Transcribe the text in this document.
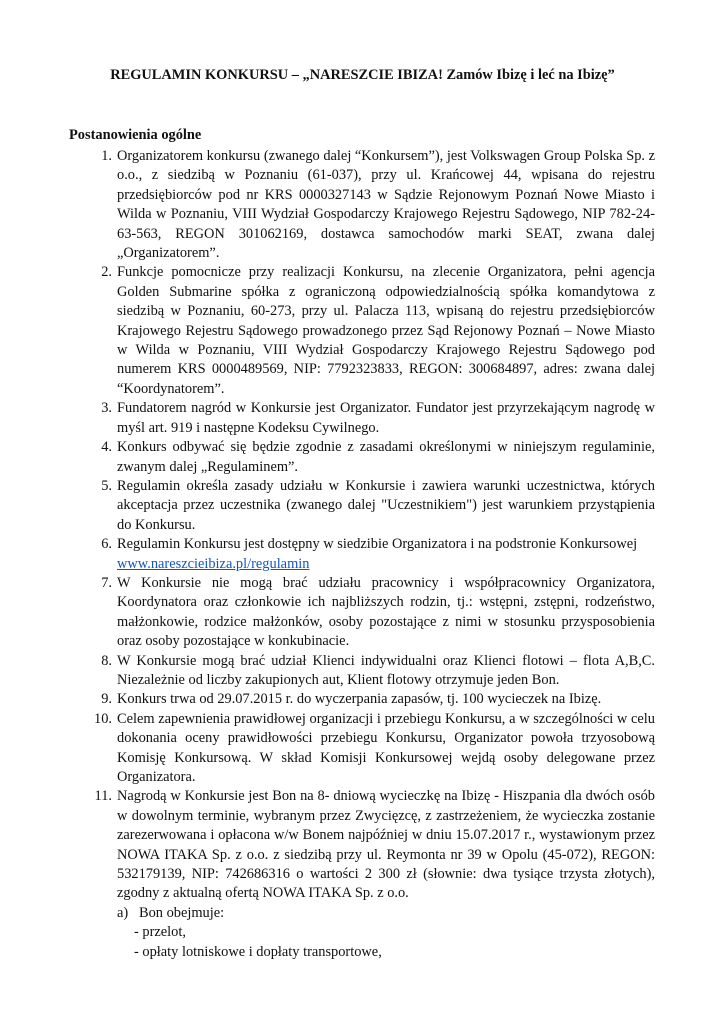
REGULAMIN KONKURSU – „NARESZCIE IBIZA! Zamów Ibizę i leć na Ibizę”

Postanowienia ogólne

1. Organizatorem konkursu (zwanego dalej “Konkursem”), jest Volkswagen Group Polska Sp. z o.o., z siedzibą w Poznaniu (61-037), przy ul. Krańcowej 44, wpisana do rejestru przedsiębiorców pod nr KRS 0000327143 w Sądzie Rejonowym Poznań Nowe Miasto i Wilda w Poznaniu, VIII Wydział Gospodarczy Krajowego Rejestru Sądowego, NIP 782-24-63-563, REGON 301062169, dostawca samochodów marki SEAT, zwana dalej „Organizatorem”.
2. Funkcje pomocnicze przy realizacji Konkursu, na zlecenie Organizatora, pełni agencja Golden Submarine spółka z ograniczoną odpowiedzialnością spółka komandytowa z siedzibą w Poznaniu, 60-273, przy ul. Palacza 113, wpisaną do rejestru przedsiębiorców Krajowego Rejestru Sądowego prowadzonego przez Sąd Rejonowy Poznań – Nowe Miasto w Wilda w Poznaniu, VIII Wydział Gospodarczy Krajowego Rejestru Sądowego pod numerem KRS 0000489569, NIP: 7792323833, REGON: 300684897, adres: zwana dalej “Koordynatorem”.
3. Fundatorem nagród w Konkursie jest Organizator. Fundator jest przyrzekającym nagrodę w myśl art. 919 i następne Kodeksu Cywilnego.
4. Konkurs odbywać się będzie zgodnie z zasadami określonymi w niniejszym regulaminie, zwanym dalej „Regulaminem”.
5. Regulamin określa zasady udziału w Konkursie i zawiera warunki uczestnictwa, których akceptacja przez uczestnika (zwanego dalej "Uczestnikiem") jest warunkiem przystąpienia do Konkursu.
6. Regulamin Konkursu jest dostępny w siedzibie Organizatora i na podstronie Konkursowej
www.nareszcieibiza.pl/regulamin
7. W Konkursie nie mogą brać udziału pracownicy i współpracownicy Organizatora, Koordynatora oraz członkowie ich najbliższych rodzin, tj.: wstępni, zstępni, rodzeństwo, małżonkowie, rodzice małżonków, osoby pozostające z nimi w stosunku przysposobienia oraz osoby pozostające w konkubinacie.
8. W Konkursie mogą brać udział Klienci indywidualni oraz Klienci flotowi – flota A,B,C. Niezależnie od liczby zakupionych aut, Klient flotowy otrzymuje jeden Bon.
9. Konkurs trwa od 29.07.2015 r. do wyczerpania zapasów, tj. 100 wycieczek na Ibizę.
10. Celem zapewnienia prawidłowej organizacji i przebiegu Konkursu, a w szczególności w celu dokonania oceny prawidłowości przebiegu Konkursu, Organizator powoła trzyosobową Komisję Konkursową. W skład Komisji Konkursowej wejdą osoby delegowane przez Organizatora.
11. Nagrodą w Konkursie jest Bon na 8- dniową wycieczkę na Ibizę - Hiszpania dla dwóch osób w dowolnym terminie, wybranym przez Zwycięzcę, z zastrzeżeniem, że wycieczka zostanie zarezerwowana i opłacona w/w Bonem najpóźniej w dniu 15.07.2017 r., wystawionym przez NOWA ITAKA Sp. z o.o. z siedzibą przy ul. Reymonta nr 39 w Opolu (45-072), REGON: 532179139, NIP: 742686316 o wartości 2 300 zł (słownie: dwa tysiące trzysta złotych), zgodny z aktualną ofertą NOWA ITAKA Sp. z o.o.
a) Bon obejmuje:
- przelot,
- opłaty lotniskowe i dopłaty transportowe,
